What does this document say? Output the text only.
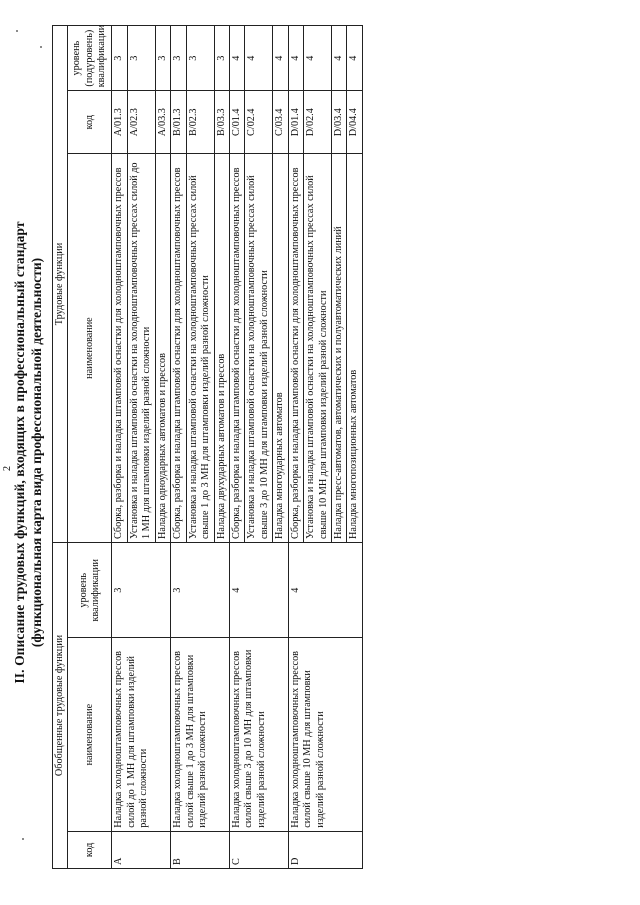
2 II. Описание трудовых функций, входящих в профессиональный стандарт (функциональная карта вида профессиональной деятельности)
Обобщенные трудовые функции			Трудовые функции		
код	наименование	уровень квалификации	наименование	код	уровень (подуровень) квалификации
A	Наладка холодноштамповочных прессов силой до 1 МН для штамповки изделий разной сложности	3	Сборка, разборка и наладка штамповой оснастки для холодноштамповочных прессов	A/01.3	3
			Установка и наладка штамповой оснастки на холодноштамповочных прессах силой до 1 МН для штамповки изделий разной сложности	A/02.3	3
			Наладка одноударных автоматов и прессов	A/03.3	3
B	Наладка холодноштамповочных прессов силой свыше 1 до 3 МН для штамповки изделий разной сложности	3	Сборка, разборка и наладка штамповой оснастки для холодноштамповочных прессов	B/01.3	3
			Установка и наладка штамповой оснастки на холодноштамповочных прессах силой свыше 1 до 3 МН для штамповки изделий разной сложности	B/02.3	3
			Наладка двухударных автоматов и прессов	B/03.3	3
C	Наладка холодноштамповочных прессов силой свыше 3 до 10 МН для штамповки изделий разной сложности	4	Сборка, разборка и наладка штамповой оснастки для холодноштамповочных прессов	C/01.4	4
			Установка и наладка штамповой оснастки на холодноштамповочных прессах силой свыше 3 до 10 МН для штамповки изделий разной сложности	C/02.4	4
			Наладка многоударных автоматов	C/03.4	4
D	Наладка холодноштамповочных прессов силой свыше 10 МН для штамповки изделий разной сложности	4	Сборка, разборка и наладка штамповой оснастки для холодноштамповочных прессов	D/01.4	4
			Установка и наладка штамповой оснастки на холодноштамповочных прессах силой свыше 10 МН для штамповки изделий разной сложности	D/02.4	4
			Наладка пресс-автоматов, автоматических и полуавтоматических линий	D/03.4	4
			Наладка многопозиционных автоматов	D/04.4	4
